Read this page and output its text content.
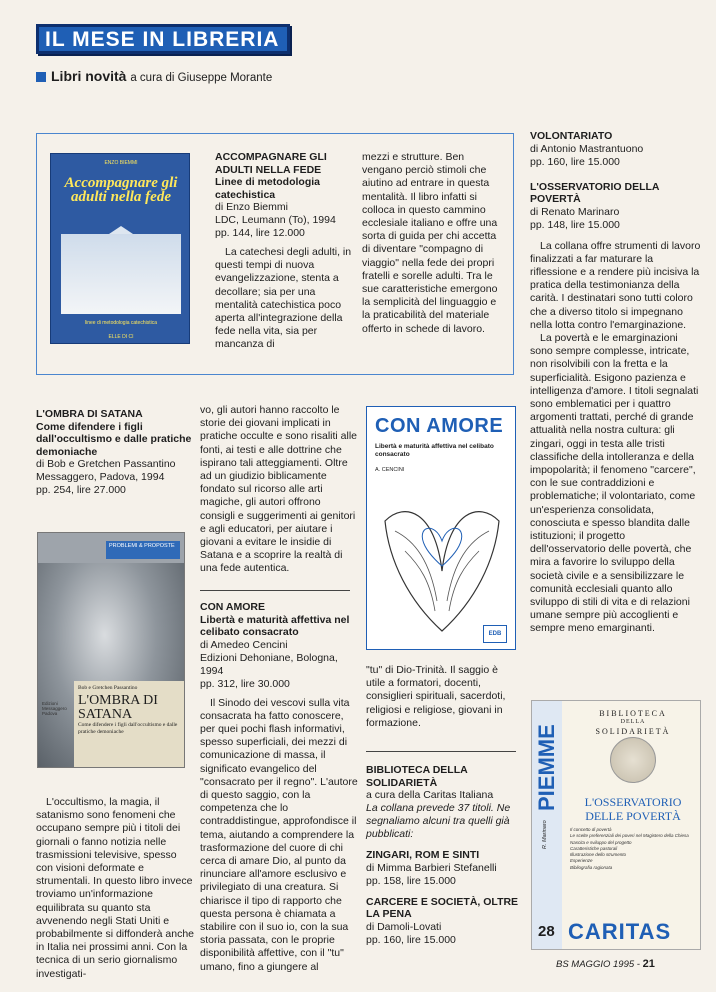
IL MESE IN LIBRERIA
Libri novità a cura di Giuseppe Morante
ENZO BIEMMI
Accompagnare gli adulti nella fede
linee di metodologia catechistica
ELLE DI CI
ACCOMPAGNARE GLI ADULTI NELLA FEDE
Linee di metodologia catechistica
di Enzo Biemmi
LDC, Leumann (To), 1994
pp. 144, lire 12.000

La catechesi degli adulti, in questi tempi di nuova evangelizzazione, stenta a decollare; sia per una mentalità catechistica poco aperta all'integrazione della fede nella vita, sia per mancanza di

mezzi e strutture. Ben vengano perciò stimoli che aiutino ad entrare in questa mentalità. Il libro infatti si colloca in questo cammino ecclesiale italiano e offre una sorta di guida per chi accetta di diventare "compagno di viaggio" nella fede dei propri fratelli e sorelle adulti. Tra le sue caratteristiche emergono la semplicità del linguaggio e la praticabilità del materiale offerto in schede di lavoro.
VOLONTARIATO
di Antonio Mastrantuono
pp. 160, lire 15.000
L'OSSERVATORIO DELLA POVERTÀ
di Renato Marinaro
pp. 148, lire 15.000

La collana offre strumenti di lavoro finalizzati a far maturare la riflessione e a rendere più incisiva la pratica della testimonianza della carità. I destinatari sono tutti coloro che a diverso titolo si impegnano nella lotta contro l'emarginazione.

La povertà e le emarginazioni sono sempre complesse, intricate, non risolvibili con la fretta e la superficialità. Esigono pazienza e intelligenza d'amore. I titoli segnalati sono emblematici per i quattro argomenti trattati, perché di grande attualità nella nostra cultura: gli zingari, oggi in testa alle tristi classifiche della intolleranza e della impopolarità; il fenomeno "carcere", con le sue contraddizioni e problematiche; il volontariato, come un'esperienza consolidata, conosciuta e spesso blandita dalle istituzioni; il progetto dell'osservatorio delle povertà, che mira a favorire lo sviluppo della società civile e a sensibilizzare le comunità ecclesiali quanto allo sviluppo di stili di vita e di relazioni umane sempre più accoglienti e sempre meno emarginanti.

L'OMBRA DI SATANA
Come difendere i figli dall'occultismo e dalle pratiche demoniache
di Bob e Gretchen Passantino
Messaggero, Padova, 1994
pp. 254, lire 27.000
PROBLEMI & PROPOSTE
Edizioni Messaggero Padova
Bob e Gretchen Passantino
L'OMBRA DI SATANA
Come difendere i figli dall'occultismo e dalle pratiche demoniache
L'occultismo, la magia, il satanismo sono fenomeni che occupano sempre più i titoli dei giornali o fanno notizia nelle trasmissioni televisive, spesso con visioni deformate e strumentali. In questo libro invece troviamo un'informazione equilibrata su quanto sta avvenendo negli Stati Uniti e probabilmente si diffonderà anche in Italia nei prossimi anni. Con la tecnica di un serio giornalismo investigati-
vo, gli autori hanno raccolto le storie dei giovani implicati in pratiche occulte e sono risaliti alle fonti, ai testi e alle dottrine che ispirano tali atteggiamenti. Oltre ad un giudizio biblicamente fondato sul ricorso alle arti magiche, gli autori offrono consigli e suggerimenti ai genitori e agli educatori, per aiutare i giovani a evitare le insidie di Satana e a scoprire la realtà di una fede autentica.
CON AMORE
Libertà e maturità affettiva nel celibato consacrato
di Amedeo Cencini
Edizioni Dehoniane, Bologna, 1994
pp. 312, lire 30.000

Il Sinodo dei vescovi sulla vita consacrata ha fatto conoscere, per quei pochi flash informativi, spesso superficiali, dei mezzi di comunicazione di massa, il significato evangelico del "consacrato per il regno". L'autore di questo saggio, con la competenza che lo contraddistingue, approfondisce il tema, aiutando a comprendere la trasformazione del cuore di chi cerca di amare Dio, al punto da rinunciare all'amore esclusivo e privilegiato di una creatura. Si chiarisce il tipo di rapporto che questa persona è chiamata a stabilire con il suo io, con la sua storia passata, con le proprie disponibilità affettive, con il "tu" umano, fino a giungere al

CON AMORE
Libertà e maturità affettiva nel celibato consacrato
A. CENCINI
EDB
"tu" di Dio-Trinità. Il saggio è utile a formatori, docenti, consiglieri spirituali, sacerdoti, religiosi e religiose, giovani in formazione.
BIBLIOTECA DELLA SOLIDARIETÀ
a cura della Caritas Italiana
La collana prevede 37 titoli. Ne segnaliamo alcuni tra quelli già pubblicati:
ZINGARI, ROM E SINTI
di Mimma Barbieri Stefanelli
pp. 158, lire 15.000
CARCERE E SOCIETÀ, OLTRE LA PENA
di Damoli-Lovati
pp. 160, lire 15.000
PIEMME
R. Marinaro
BIBLIOTECA
DELLA
SOLIDARIETÀ
L'OSSERVATORIO DELLE POVERTÀ
Il concetto di povertà
Le scelte preferenziali dei poveri nel Magistero della Chiesa
Nascita e sviluppo del progetto
Caratteristiche pastorali
Illustrazione dello strumento
Esperienze
Bibliografia ragionata
28 CARITAS
BS MAGGIO 1995 - 21
